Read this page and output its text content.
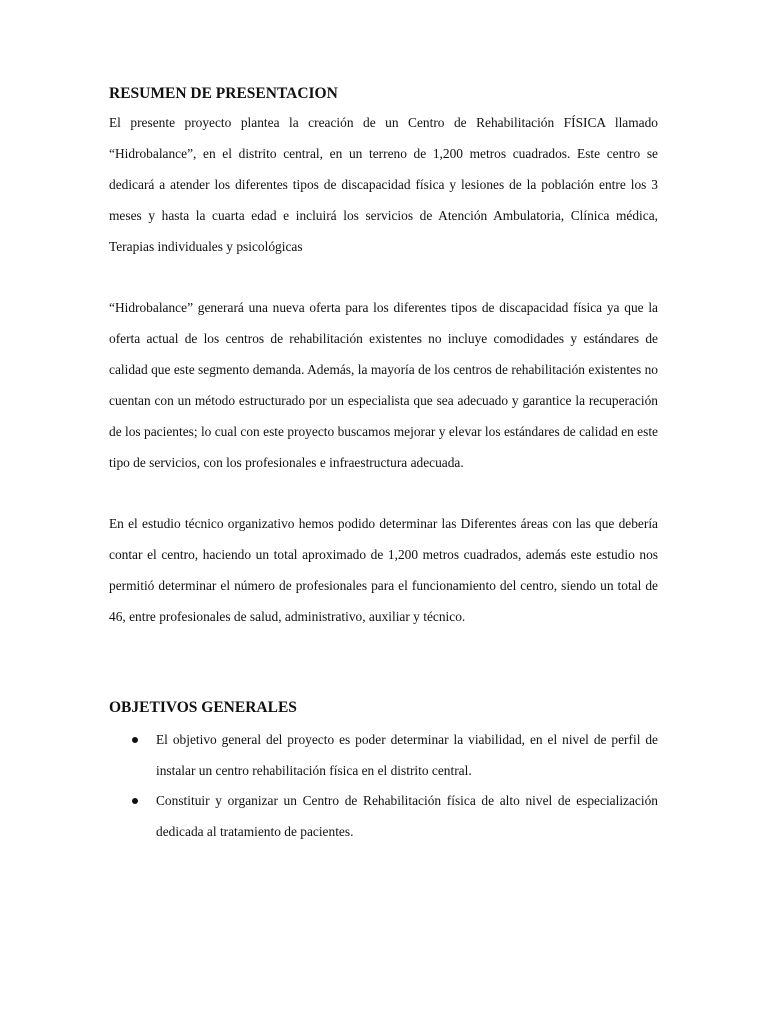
RESUMEN DE PRESENTACION

El presente proyecto plantea la creación de un Centro de Rehabilitación FÍSICA llamado “Hidrobalance”, en el distrito central, en un terreno de 1,200 metros cuadrados. Este centro se dedicará a atender los diferentes tipos de discapacidad física y lesiones de la población entre los 3 meses y hasta la cuarta edad e incluirá los servicios de Atención Ambulatoria, Clínica médica, Terapias individuales y psicológicas

“Hidrobalance” generará una nueva oferta para los diferentes tipos de discapacidad física ya que la oferta actual de los centros de rehabilitación existentes no incluye comodidades y estándares de calidad que este segmento demanda. Además, la mayoría de los centros de rehabilitación existentes no cuentan con un método estructurado por un especialista que sea adecuado y garantice la recuperación de los pacientes; lo cual con este proyecto buscamos mejorar y elevar los estándares de calidad en este tipo de servicios, con los profesionales e infraestructura adecuada.

En el estudio técnico organizativo hemos podido determinar las Diferentes áreas con las que debería contar el centro, haciendo un total aproximado de 1,200 metros cuadrados, además este estudio nos permitió determinar el número de profesionales para el funcionamiento del centro, siendo un total de 46, entre profesionales de salud, administrativo, auxiliar y técnico.

OBJETIVOS GENERALES
El objetivo general del proyecto es poder determinar la viabilidad, en el nivel de perfil de instalar un centro rehabilitación física en el distrito central.
Constituir y organizar un Centro de Rehabilitación física de alto nivel de especialización dedicada al tratamiento de pacientes.
